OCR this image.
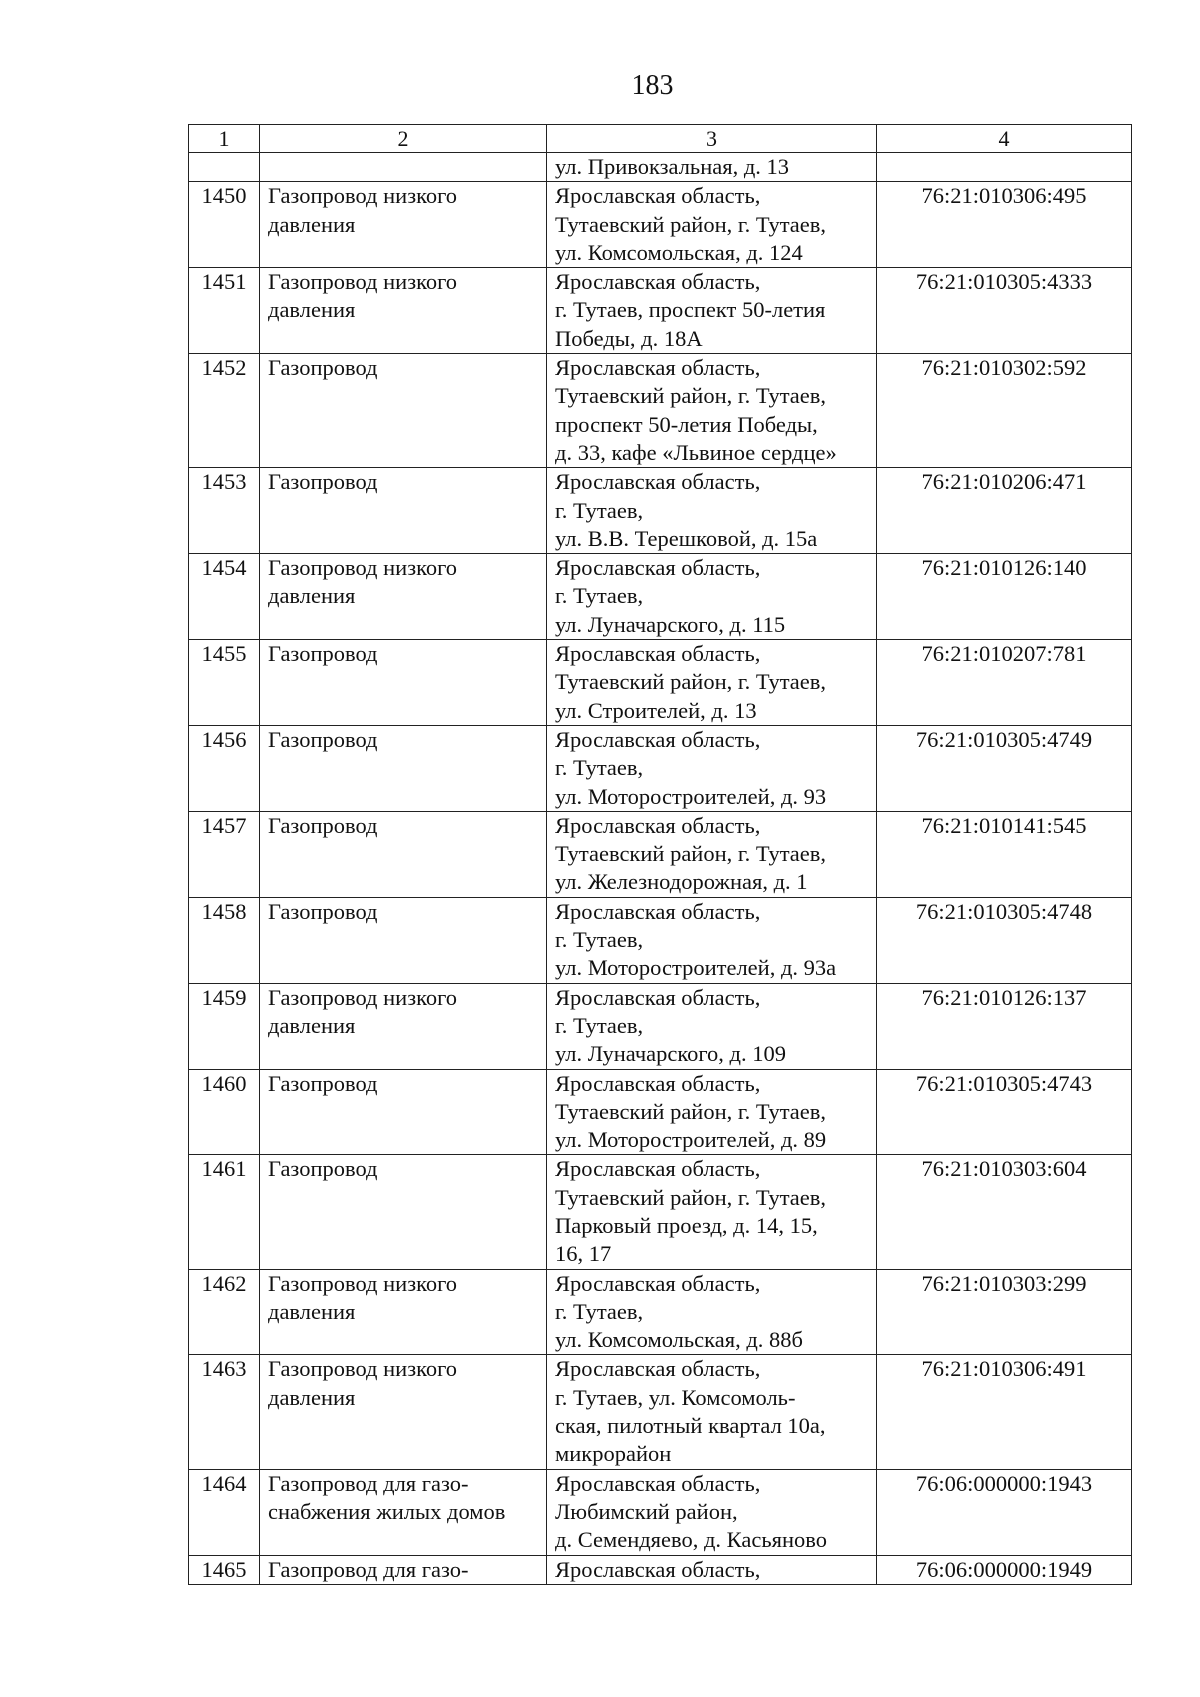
183
1	2	3	4

		ул. Привокзальная, д. 13	

1450	Газопровод низкого
давления	Ярославская область,
Тутаевский район, г. Тутаев,
ул. Комсомольская, д. 124	76:21:010306:495
1451	Газопровод низкого
давления	Ярославская область,
г. Тутаев, проспект 50-летия
Победы, д. 18А	76:21:010305:4333
1452	Газопровод	Ярославская область,
Тутаевский район, г. Тутаев,
проспект 50-летия Победы,
д. 33, кафе «Львиное сердце»	76:21:010302:592
1453	Газопровод	Ярославская область,
г. Тутаев,
ул. В.В. Терешковой, д. 15а	76:21:010206:471
1454	Газопровод низкого
давления	Ярославская область,
г. Тутаев,
ул. Луначарского, д. 115	76:21:010126:140
1455	Газопровод	Ярославская область,
Тутаевский район, г. Тутаев,
ул. Строителей, д. 13	76:21:010207:781
1456	Газопровод	Ярославская область,
г. Тутаев,
ул. Моторостроителей, д. 93	76:21:010305:4749
1457	Газопровод	Ярославская область,
Тутаевский район, г. Тутаев,
ул. Железнодорожная, д. 1	76:21:010141:545
1458	Газопровод	Ярославская область,
г. Тутаев,
ул. Моторостроителей, д. 93а	76:21:010305:4748
1459	Газопровод низкого
давления	Ярославская область,
г. Тутаев,
ул. Луначарского, д. 109	76:21:010126:137
1460	Газопровод	Ярославская область,
Тутаевский район, г. Тутаев,
ул. Моторостроителей, д. 89	76:21:010305:4743
1461	Газопровод	Ярославская область,
Тутаевский район, г. Тутаев,
Парковый проезд, д. 14, 15,
16, 17	76:21:010303:604
1462	Газопровод низкого
давления	Ярославская область,
г. Тутаев,
ул. Комсомольская, д. 88б	76:21:010303:299
1463	Газопровод низкого
давления	Ярославская область,
г. Тутаев, ул. Комсомоль-
ская, пилотный квартал 10а,
микрорайон	76:21:010306:491
1464	Газопровод для газо-
снабжения жилых домов	Ярославская область,
Любимский район,
д. Семендяево, д. Касьяново	76:06:000000:1943
1465	Газопровод для газо-	Ярославская область,	76:06:000000:1949
